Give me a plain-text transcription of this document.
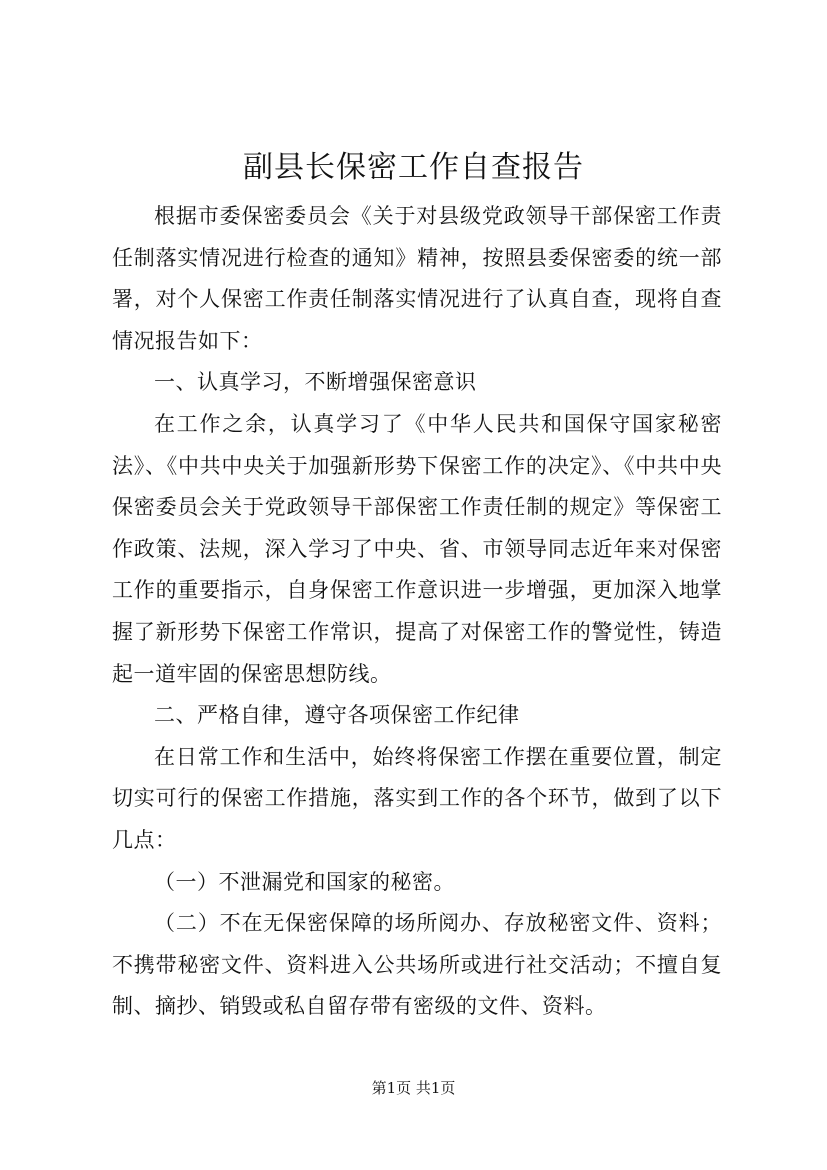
副县长保密工作自查报告

根据市委保密委员会《关于对县级党政领导干部保密工作责任制落实情况进行检查的通知》精神，按照县委保密委的统一部署，对个人保密工作责任制落实情况进行了认真自查，现将自查情况报告如下：

一、认真学习，不断增强保密意识

在工作之余，认真学习了《中华人民共和国保守国家秘密法》、《中共中央关于加强新形势下保密工作的决定》、《中共中央保密委员会关于党政领导干部保密工作责任制的规定》等保密工作政策、法规，深入学习了中央、省、市领导同志近年来对保密工作的重要指示，自身保密工作意识进一步增强，更加深入地掌握了新形势下保密工作常识，提高了对保密工作的警觉性，铸造起一道牢固的保密思想防线。

二、严格自律，遵守各项保密工作纪律

在日常工作和生活中，始终将保密工作摆在重要位置，制定切实可行的保密工作措施，落实到工作的各个环节，做到了以下几点：

（一）不泄漏党和国家的秘密。

（二）不在无保密保障的场所阅办、存放秘密文件、资料；不携带秘密文件、资料进入公共场所或进行社交活动；不擅自复制、摘抄、销毁或私自留存带有密级的文件、资料。

第1页 共1页
